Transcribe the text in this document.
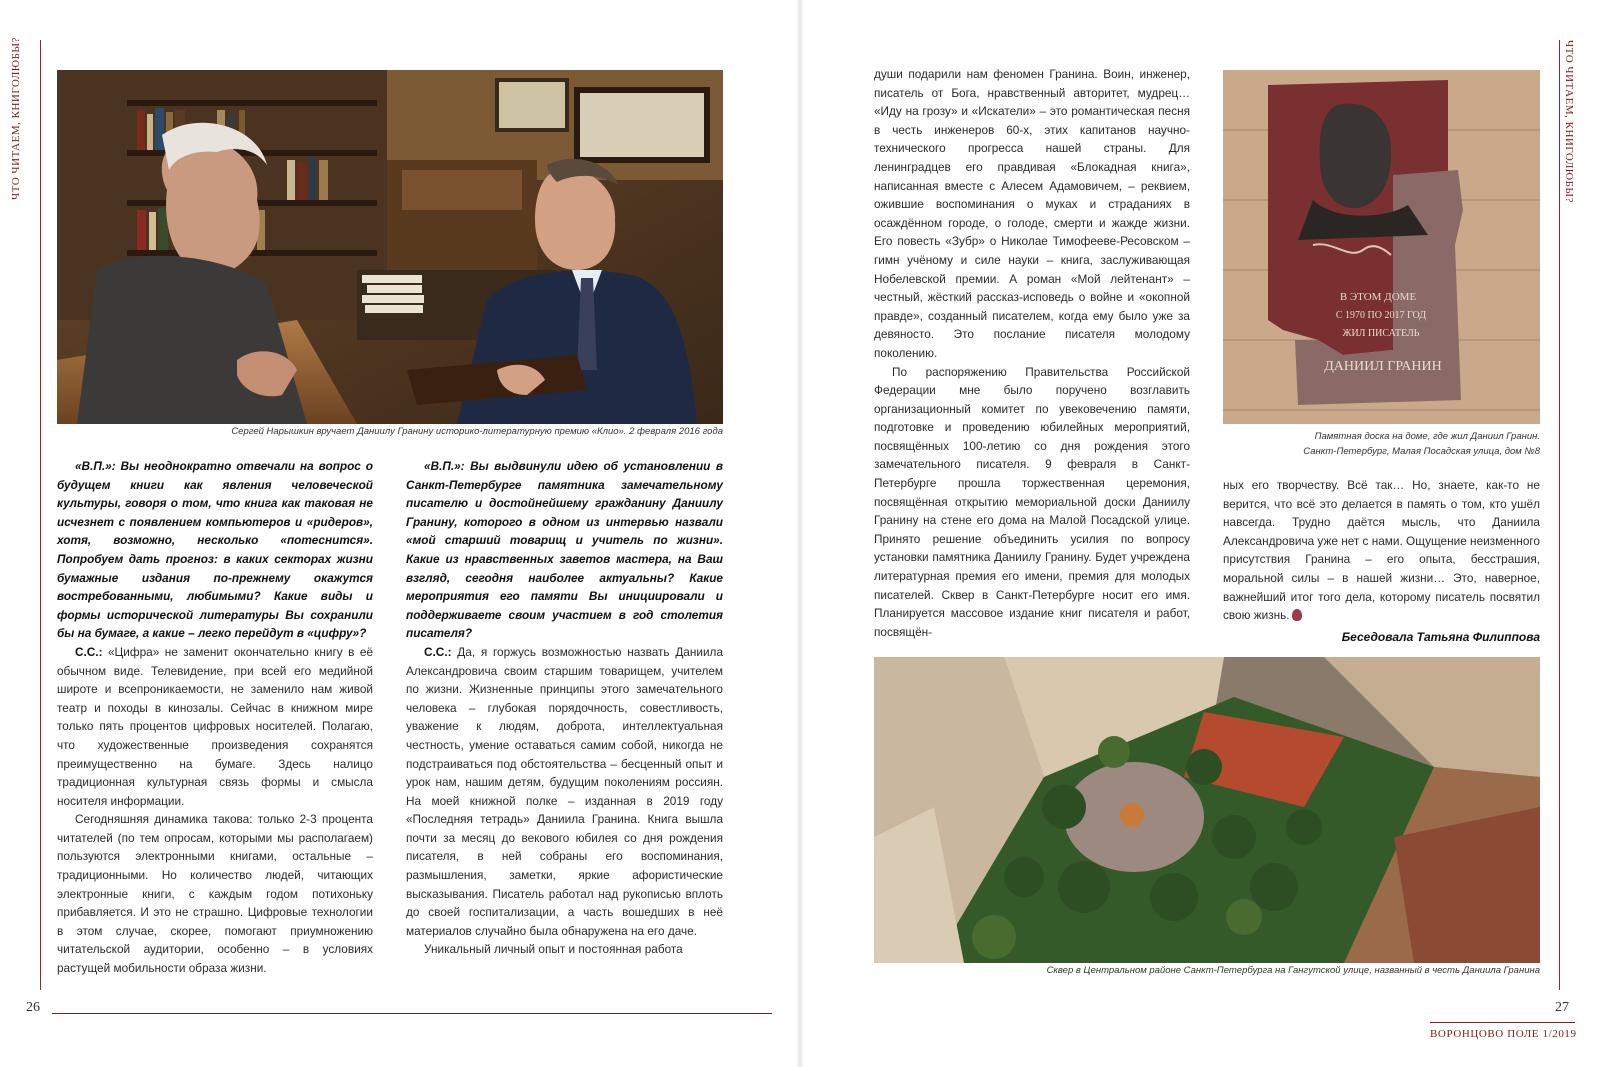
ЧТО ЧИТАЕМ, КНИГОЛЮБЫ?	ЧТО ЧИТАЕМ, КНИГОЛЮБЫ?
Сергей Нарышкин вручает Даниилу Гранину историко-литературную премию «Клио». 2 февраля 2016 года

«В.П.»: Вы неоднократно отвечали на вопрос о будущем книги как явления человеческой культуры, говоря о том, что книга как таковая не исчезнет с появлением компьютеров и «ридеров», хотя, возможно, несколько «потеснится». Попробуем дать прогноз: в каких секторах жизни бумажные издания по-прежнему окажутся востребованными, любимыми? Какие виды и формы исторической литературы Вы сохранили бы на бумаге, а какие – легко перейдут в «цифру»?

С.С.: «Цифра» не заменит окончательно книгу в её обычном виде. Телевидение, при всей его медийной широте и всепроникаемости, не заменило нам живой театр и походы в кинозалы. Сейчас в книжном мире только пять процентов цифровых носителей. Полагаю, что художественные произведения сохранятся преимущественно на бумаге. Здесь налицо традиционная культурная связь формы и смысла носителя информации.

Сегодняшняя динамика такова: только 2-3 процента читателей (по тем опросам, которыми мы располагаем) пользуются электронными книгами, остальные – традиционными. Но количество людей, читающих электронные книги, с каждым годом потихоньку прибавляется. И это не страшно. Цифровые технологии в этом случае, скорее, помогают приумножению читательской аудитории, особенно – в условиях растущей мобильности образа жизни.

«В.П.»: Вы выдвинули идею об установлении в Санкт-Петербурге памятника замечательному писателю и достойнейшему гражданину Даниилу Гранину, которого в одном из интервью назвали «мой старший товарищ и учитель по жизни». Какие из нравственных заветов мастера, на Ваш взгляд, сегодня наиболее актуальны? Какие мероприятия его памяти Вы инициировали и поддерживаете своим участием в год столетия писателя?

С.С.: Да, я горжусь возможностью назвать Даниила Александровича своим старшим товарищем, учителем по жизни. Жизненные принципы этого замечательного человека – глубокая порядочность, совестливость, уважение к людям, доброта, интеллектуальная честность, умение оставаться самим собой, никогда не подстраиваться под обстоятельства – бесценный опыт и урок нам, нашим детям, будущим поколениям россиян. На моей книжной полке – изданная в 2019 году «Последняя тетрадь» Даниила Гранина. Книга вышла почти за месяц до векового юбилея со дня рождения писателя, в ней собраны его воспоминания, размышления, заметки, яркие афористические высказывания. Писатель работал над рукописью вплоть до своей госпитализации, а часть вошедших в неё материалов случайно была обнаружена на его даче.

Уникальный личный опыт и постоянная работа

души подарили нам феномен Гранина. Воин, инженер, писатель от Бога, нравственный авторитет, мудрец… «Иду на грозу» и «Искатели» – это романтическая песня в честь инженеров 60-х, этих капитанов научно-технического прогресса нашей страны. Для ленинградцев его правдивая «Блокадная книга», написанная вместе с Алесем Адамовичем, – реквием, ожившие воспоминания о муках и страданиях в осаждённом городе, о голоде, смерти и жажде жизни. Его повесть «Зубр» о Николае Тимофееве-Ресовском – гимн учёному и силе науки – книга, заслуживающая Нобелевской премии. А роман «Мой лейтенант» – честный, жёсткий рассказ-исповедь о войне и «окопной правде», созданный писателем, когда ему было уже за девяносто. Это послание писателя молодому поколению.

По распоряжению Правительства Российской Федерации мне было поручено возглавить организационный комитет по увековечению памяти, подготовке и проведению юбилейных мероприятий, посвящённых 100-летию со дня рождения этого замечательного писателя. 9 февраля в Санкт-Петербурге прошла торжественная церемония, посвящённая открытию мемориальной доски Даниилу Гранину на стене его дома на Малой Посадской улице. Принято решение объединить усилия по вопросу установки памятника Даниилу Гранину. Будет учреждена литературная премия его имени, премия для молодых писателей. Сквер в Санкт-Петербурге носит его имя. Планируется массовое издание книг писателя и работ, посвящён-

В ЭТОМ ДОМЕ
С 1970 ПО 2017 ГОД
ЖИЛ ПИСАТЕЛЬ
ДАНИИЛ ГРАНИН
Памятная доска на доме, где жил Даниил Гранин.
Санкт-Петербург, Малая Посадская улица, дом №8

ных его творчеству. Всё так… Но, знаете, как-то не верится, что всё это делается в память о том, кто ушёл навсегда. Трудно даётся мысль, что Даниила Александровича уже нет с нами. Ощущение неизменного присутствия Гранина – его опыта, бесстрашия, моральной силы – в нашей жизни… Это, наверное, важнейший итог того дела, которому писатель посвятил свою жизнь.

Беседовала Татьяна Филиппова
Сквер в Центральном районе Санкт-Петербурга на Гангутской улице, названный в честь Даниила Гранина
26	27
ВОРОНЦОВО ПОЛЕ 1/2019
